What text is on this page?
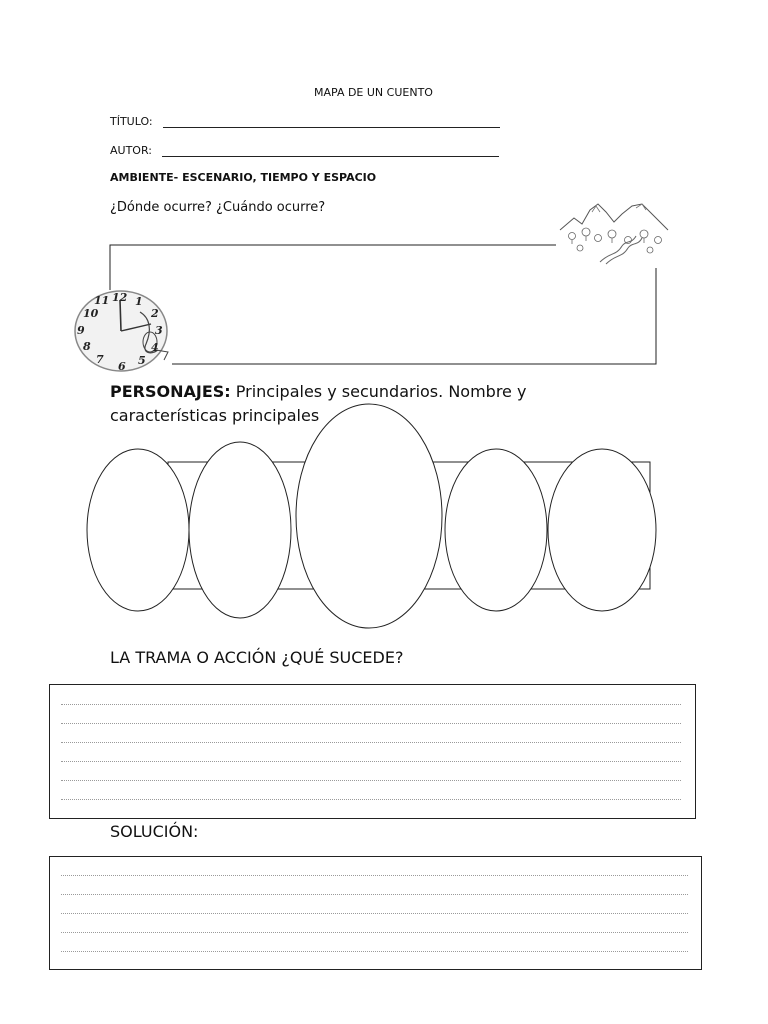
MAPA DE UN CUENTO
TÍTULO:
AUTOR:
AMBIENTE- ESCENARIO, TIEMPO Y ESPACIO
¿Dónde ocurre? ¿Cuándo ocurre?
12 1
2
3
4
5
6
7
8
9
10
11
PERSONAJES: Principales y secundarios. Nombre y
características principales
LA TRAMA O ACCIÓN ¿QUÉ SUCEDE?
SOLUCIÓN:
